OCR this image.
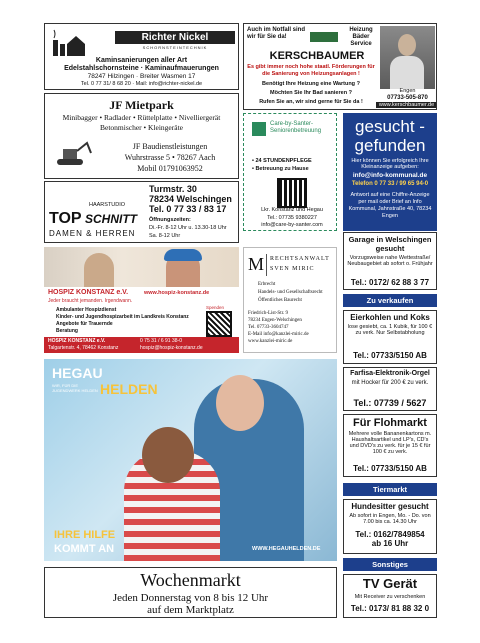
Richter Nickel
SCHORNSTEINTECHNIK
Kaminsanierungen aller Art
Edelstahlschornsteine · Kaminaufmauerungen
78247 Hilzingen · Breiter Wasmen 17
Tel. 0 77 31/ 8 68 20 · Mail: info@richter-nickel.de
Auch im Notfall sind wir für Sie da!
Heizung Bäder Service
KERSCHBAUMER
Es gibt immer noch hohe staatl. Förderungen für die Sanierung von Heizungsanlagen !
Benötigt Ihre Heizung eine Wartung ?
Möchten Sie Ihr Bad sanieren ?
Rufen Sie an, wir sind gerne für Sie da !
Engen
07733-505-870
www.kerschbaumer.de
JF Mietpark
Minibagger • Radlader • Rüttelplatte • Nivelliergerät
Betonmischer • Kleingeräte
JF Baudienstleistungen
Wuhrstrasse 5 • 78267 Aach
Mobil 01791063952
Care-by-Santer-Seniorenbetreuung
• 24 STUNDENPFLEGE
• Betreuung zu Hause
Lkr. Konstanz und Hegau
Tel.: 07735 9380227
info@care-by-santer.com
gesucht -
gefunden
Hier können Sie erfolgreich Ihre Kleinanzeige aufgeben:
info@info-kommunal.de
Telefon 0 77 33 / 99 65 94-0
Antwort auf eine Chiffre-Anzeige per mail oder Brief an Info Kommunal, Jahnstraße 40, 78234 Engen
TOP SCHNITT
HAARSTUDIO
DAMEN & HERREN
Turmstr. 30
78234 Welschingen
Tel. 0 77 33 / 83 17
Öffnungszeiten:
Di.-Fr. 8-12 Uhr u. 13.30-18 Uhr
Sa. 8-12 Uhr	Garage in Welschingen gesucht
Vorzugsweise nahe Wettestraße/ Neubaugebiet ab sofort o. Frühjahr
Tel.: 0172/ 62 88 3 77
Zu verkaufen
Eierkohlen und Koks
lose gesiebt, ca. 1 Kubik, für 100 € zu verk. Nur Selbstabholung
Tel.: 07733/5150 AB
Farfisa-Elektronik-Orgel
mit Hocker für 200 € zu verk.
Tel.: 07739 / 5627
Für Flohmarkt
Mehrere volle Bananenkartons m. Haushaltsartikel und LP's, CD's und DVD's zu verk. für je 15 € für 100 € zu verk.
Tel.: 07733/5150 AB
Tiermarkt
Hundesitter gesucht
Ab sofort in Engen, Mo. - Do. von 7.00 bis ca. 14.30 Uhr
Tel.: 0162/7849854 ab 16 Uhr
Sonstiges
TV Gerät
Mit Receiver zu verschenken
Tel.: 0173/ 81 88 32 0
HOSPIZ KONSTANZ e.V.	www.hospiz-konstanz.de
Jeder braucht jemanden. Irgendwann.
Ambulanter Hospizdienst
Kinder- und Jugendhospizarbeit im Landkreis Konstanz
Angebote für Trauernde
Beratung
Spenden
HOSPIZ KONSTANZ e.V.
Talgartenstr. 4, 78462 Konstanz
0 75 31 / 6 91 38-0
hospiz@hospiz-konstanz.de
M RECHTSANWALT
SVEN MIRIC
Erbrecht
Handels- und Gesellschaftsrecht
Öffentliches Baurecht
Friedrich-List-Str. 9
78234 Engen-Welschingen
Tel. 07733-3604747
E-Mail info@kanzlei-miric.de
www.kanzlei-miric.de
HEGAU
WIR, FÜR DIE JUGENDWERK HELDEN HELDEN
IHRE HILFE
KOMMT AN	WWW.HEGAUHELDEN.DE
Wochenmarkt
Jeden Donnerstag von 8 bis 12 Uhr
auf dem Marktplatz
